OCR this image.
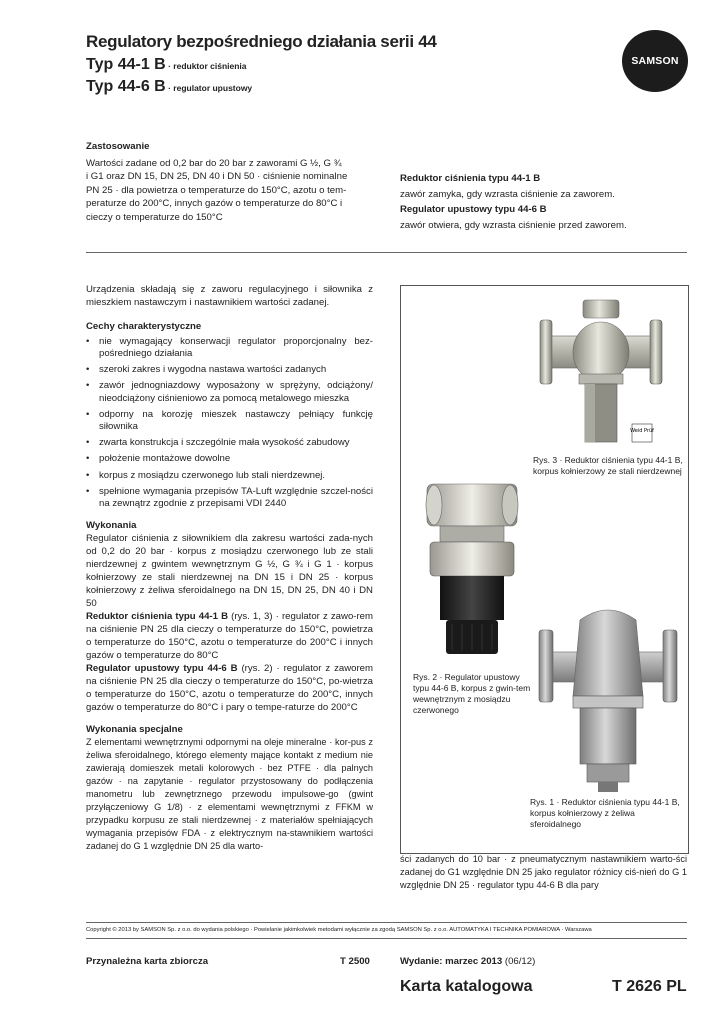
Regulatory bezpośredniego działania serii 44
Typ 44-1 B · reduktor ciśnienia
Typ 44-6 B · regulator upustowy
SAMSON
Zastosowanie
Wartości zadane od 0,2 bar do 20 bar z zaworami G ½, G ¾
i G1 oraz DN 15, DN 25, DN 40 i DN 50 · ciśnienie nominalne
PN 25 · dla powietrza o temperaturze do 150°C, azotu o tem-
peraturze do 200°C, innych gazów o temperaturze do 80°C i
cieczy o temperaturze do 150°C
Reduktor ciśnienia typu 44-1 B
zawór zamyka, gdy wzrasta ciśnienie za zaworem.
Regulator upustowy typu 44-6 B
zawór otwiera, gdy wzrasta ciśnienie przed zaworem.
Urządzenia składają się z zaworu regulacyjnego i siłownika z mieszkiem nastawczym i nastawnikiem wartości zadanej.
Cechy charakterystyczne
• nie wymagający konserwacji regulator proporcjonalny bez-pośredniego działania
• szeroki zakres i wygodna nastawa wartości zadanych
• zawór jednogniazdowy wyposażony w sprężyny, odciążony/ nieodciążony ciśnieniowo za pomocą metalowego mieszka
• odporny na korozję mieszek nastawczy pełniący funkcję siłownika
• zwarta konstrukcja i szczególnie mała wysokość zabudowy
• położenie montażowe dowolne
• korpus z mosiądzu czerwonego lub stali nierdzewnej.
• spełnione wymagania przepisów TA-Luft względnie szczel-ności na zewnątrz zgodnie z przepisami VDI 2440
Wykonania
Regulator ciśnienia z siłownikiem dla zakresu wartości zada-nych od 0,2 do 20 bar · korpus z mosiądzu czerwonego lub ze stali nierdzewnej z gwintem wewnętrznym G ½, G ¾ i G 1 · korpus kołnierzowy ze stali nierdzewnej na DN 15 i DN 25 · korpus kołnierzowy z żeliwa sferoidalnego na DN 15, DN 25, DN 40 i DN 50
Reduktor ciśnienia typu 44-1 B (rys. 1, 3) · regulator z zawo-rem na ciśnienie PN 25 dla cieczy o temperaturze do 150°C, powietrza o temperaturze do 150°C, azotu o temperaturze do 200°C i innych gazów o temperaturze do 80°C
Regulator upustowy typu 44-6 B (rys. 2) · regulator z zaworem na ciśnienie PN 25 dla cieczy o temperaturze do 150°C, po-wietrza o temperaturze do 150°C, azotu o temperaturze do 200°C, innych gazów o temperaturze do 80°C i pary o tempe-raturze do 200°C
Wykonania specjalne
Z elementami wewnętrznymi odpornymi na oleje mineralne · kor-pus z żeliwa sferoidalnego, którego elementy mające kontakt z medium nie zawierają domieszek metali kolorowych · bez PTFE · dla palnych gazów · na zapytanie · regulator przystosowany do podłączenia manometru lub zewnętrznego przewodu impulsowe-go (gwint przyłączeniowy G 1/8) · z elementami wewnętrznymi z FFKM w przypadku korpusu ze stali nierdzewnej · z materiałów spełniających wymagania przepisów FDA · z elektrycznym na-stawnikiem wartości zadanej do G 1 względnie DN 25 dla warto-
Weid Prüf
Rys. 3 · Reduktor ciśnienia typu 44-1 B, korpus kołnierzowy ze stali nierdzewnej
Rys. 2 · Regulator upustowy typu 44-6 B, korpus z gwin-tem wewnętrznym z mosiądzu czerwonego
Rys. 1 · Reduktor ciśnienia typu 44-1 B, korpus kołnierzowy z żeliwa sferoidalnego
ści zadanych do 10 bar · z pneumatycznym nastawnikiem warto-ści zadanej do G1 względnie DN 25 jako regulator różnicy ciś-nień do G 1 względnie DN 25 · regulator typu 44-6 B dla pary
Copyright © 2013 by SAMSON Sp. z o.o. do wydania polskiego · Powielanie jakimkolwiek metodami wyłącznie za zgodą SAMSON Sp. z o.o. AUTOMATYKA I TECHNIKA POMIAROWA · Warszawa
Przynależna karta zbiorcza	T 2500	Wydanie: marzec 2013 (06/12)
Karta katalogowa	T 2626 PL
